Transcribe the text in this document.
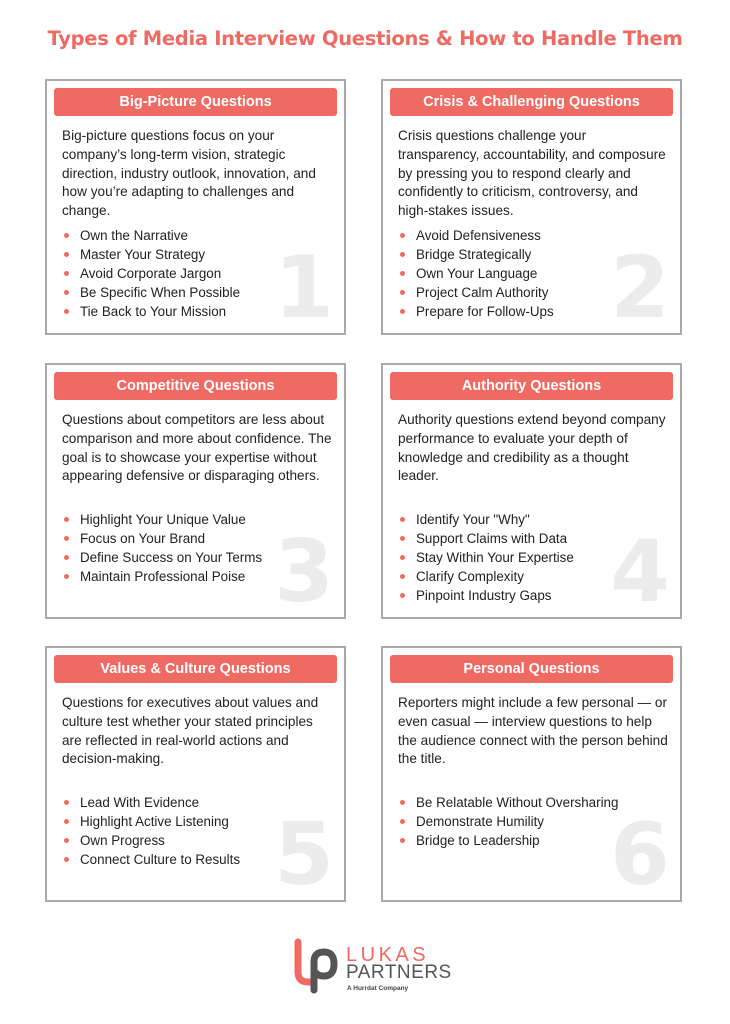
Types of Media Interview Questions & How to Handle Them
1
Big-Picture Questions
Big-picture questions focus on your company’s long-term vision, strategic direction, industry outlook, innovation, and how you’re adapting to challenges and change.
Own the Narrative
Master Your Strategy
Avoid Corporate Jargon
Be Specific When Possible
Tie Back to Your Mission	2
Crisis & Challenging Questions
Crisis questions challenge your transparency, accountability, and composure by pressing you to respond clearly and confidently to criticism, controversy, and high-stakes issues.
Avoid Defensiveness
Bridge Strategically
Own Your Language
Project Calm Authority
Prepare for Follow-Ups
3
Competitive Questions
Questions about competitors are less about comparison and more about confidence. The goal is to showcase your expertise without appearing defensive or disparaging others.
Highlight Your Unique Value
Focus on Your Brand
Define Success on Your Terms
Maintain Professional Poise	4
Authority Questions
Authority questions extend beyond company performance to evaluate your depth of knowledge and credibility as a thought leader.
Identify Your "Why"
Support Claims with Data
Stay Within Your Expertise
Clarify Complexity
Pinpoint Industry Gaps
5
Values & Culture Questions
Questions for executives about values and culture test whether your stated principles are reflected in real-world actions and decision-making.
Lead With Evidence
Highlight Active Listening
Own Progress
Connect Culture to Results	6
Personal Questions
Reporters might include a few personal — or even casual — interview questions to help the audience connect with the person behind the title.
Be Relatable Without Oversharing
Demonstrate Humility
Bridge to Leadership
LUKAS
PARTNERS
A Hurrdat Company
